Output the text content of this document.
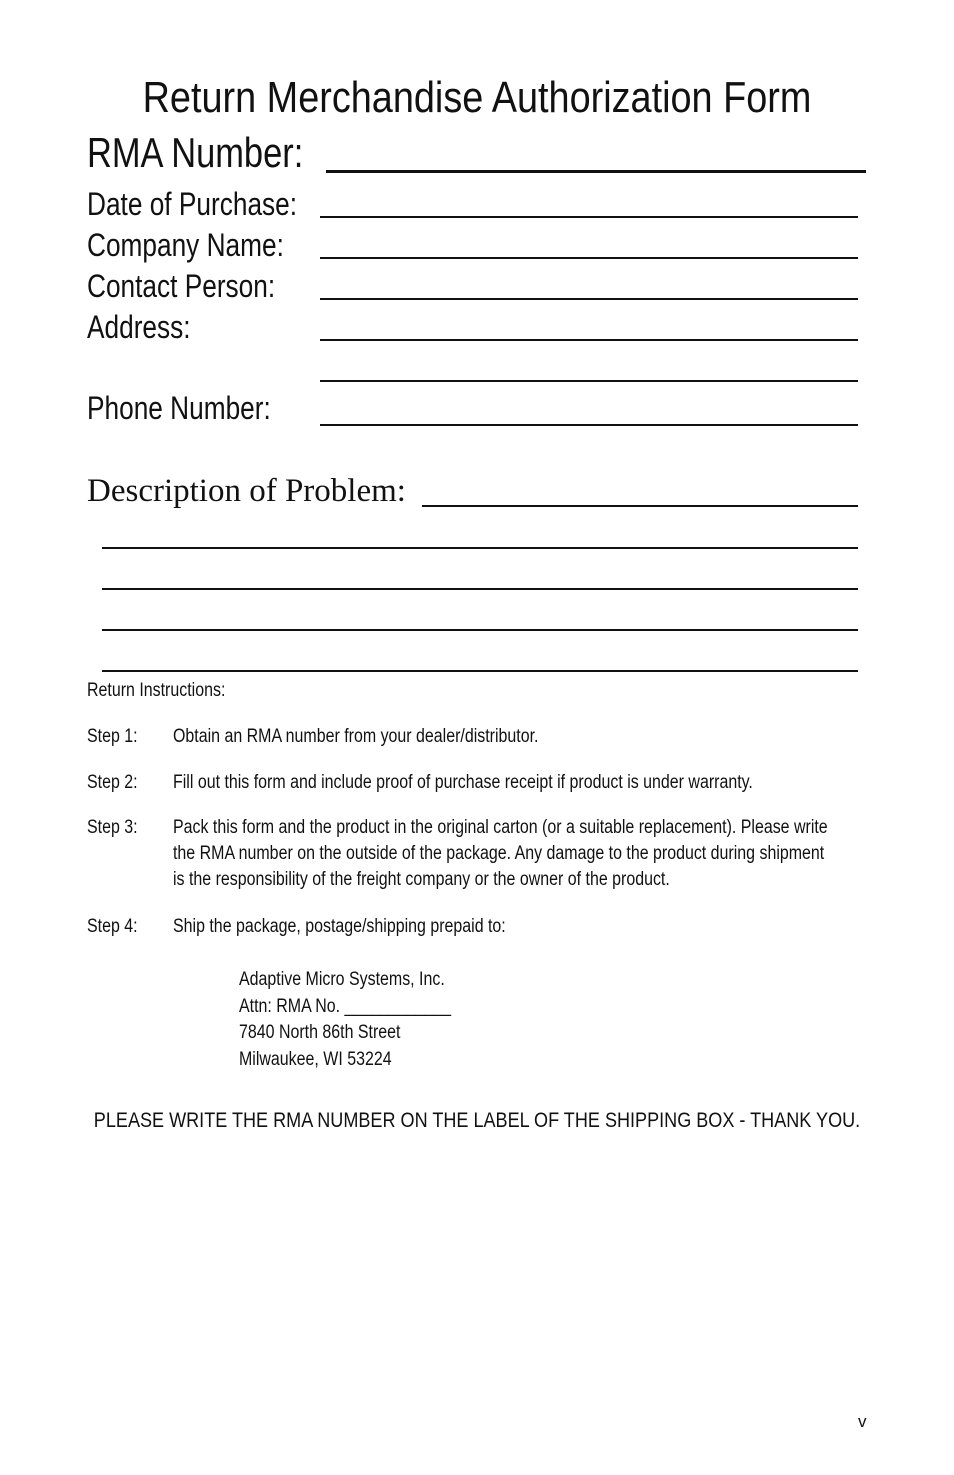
Return Merchandise Authorization Form
RMA Number:
Date of Purchase:
Company Name:
Contact Person:
Address:
Phone Number:
Description of Problem:
Return Instructions:
Step 1: Obtain an RMA number from your dealer/distributor.
Step 2: Fill out this form and include proof of purchase receipt if product is under warranty.
Step 3: Pack this form and the product in the original carton (or a suitable replacement). Please write
the RMA number on the outside of the package. Any damage to the product during shipment
is the responsibility of the freight company or the owner of the product.
Step 4: Ship the package, postage/shipping prepaid to:
Adaptive Micro Systems, Inc.
Attn: RMA No. ____________
7840 North 86th Street
Milwaukee, WI 53224
PLEASE WRITE THE RMA NUMBER ON THE LABEL OF THE SHIPPING BOX - THANK YOU.
v
